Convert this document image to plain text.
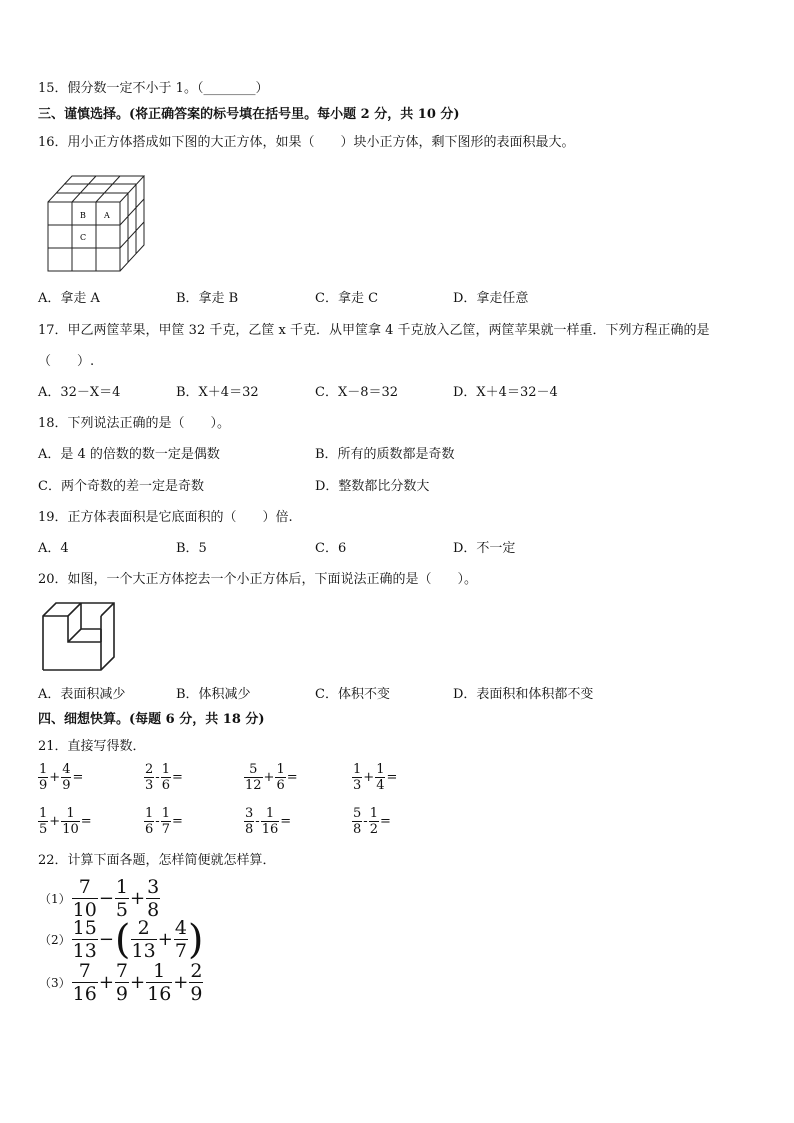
15．假分数一定不小于 1。（________）
三、谨慎选择。(将正确答案的标号填在括号里。每小题 2 分，共 10 分)
16．用小正方体搭成如下图的大正方体，如果（　　）块小正方体，剩下图形的表面积最大。
B A
C
A．拿走 A	B．拿走 B	C．拿走 C	D．拿走任意
17．甲乙两筐苹果，甲筐 32 千克，乙筐 x 千克．从甲筐拿 4 千克放入乙筐，两筐苹果就一样重．下列方程正确的是
（　　）.
A．32－X＝4	B．X＋4＝32	C．X－8＝32	D．X＋4＝32－4
18．下列说法正确的是（　　）。
A．是 4 的倍数的数一定是偶数	B．所有的质数都是奇数
C．两个奇数的差一定是奇数	D．整数都比分数大
19．正方体表面积是它底面积的（　　）倍.
A．4	B．5	C．6	D．不一定
20．如图，一个大正方体挖去一个小正方体后，下面说法正确的是（　　）。
A．表面积减少	B．体积减少	C．体积不变	D．表面积和体积都不变
四、细想快算。(每题 6 分，共 18 分)
21．直接写得数．
$\frac{1}{9} + \frac{4}{9}$ =	$\frac{2}{3} - \frac{1}{6}$ =	$\frac{5}{12} + \frac{1}{6}$ =	$\frac{1}{3} + \frac{1}{4}$ =
$\frac{1}{5} + \frac{1}{10}$ =	$\frac{1}{6} - \frac{1}{7}$ =	$\frac{3}{8} - \frac{1}{16}$ =	$\frac{5}{8} - \frac{1}{2}$ =
22．计算下面各题，怎样简便就怎样算．
$(1) \frac{7}{10} - \frac{1}{5} + \frac{3}{8}$
$(2) \frac{15}{13}$ −( $\frac{2}{13} + \frac{4}{7}$ )
$(3) \frac{7}{16} + \frac{7}{9} + \frac{1}{16} + \frac{2}{9}$
